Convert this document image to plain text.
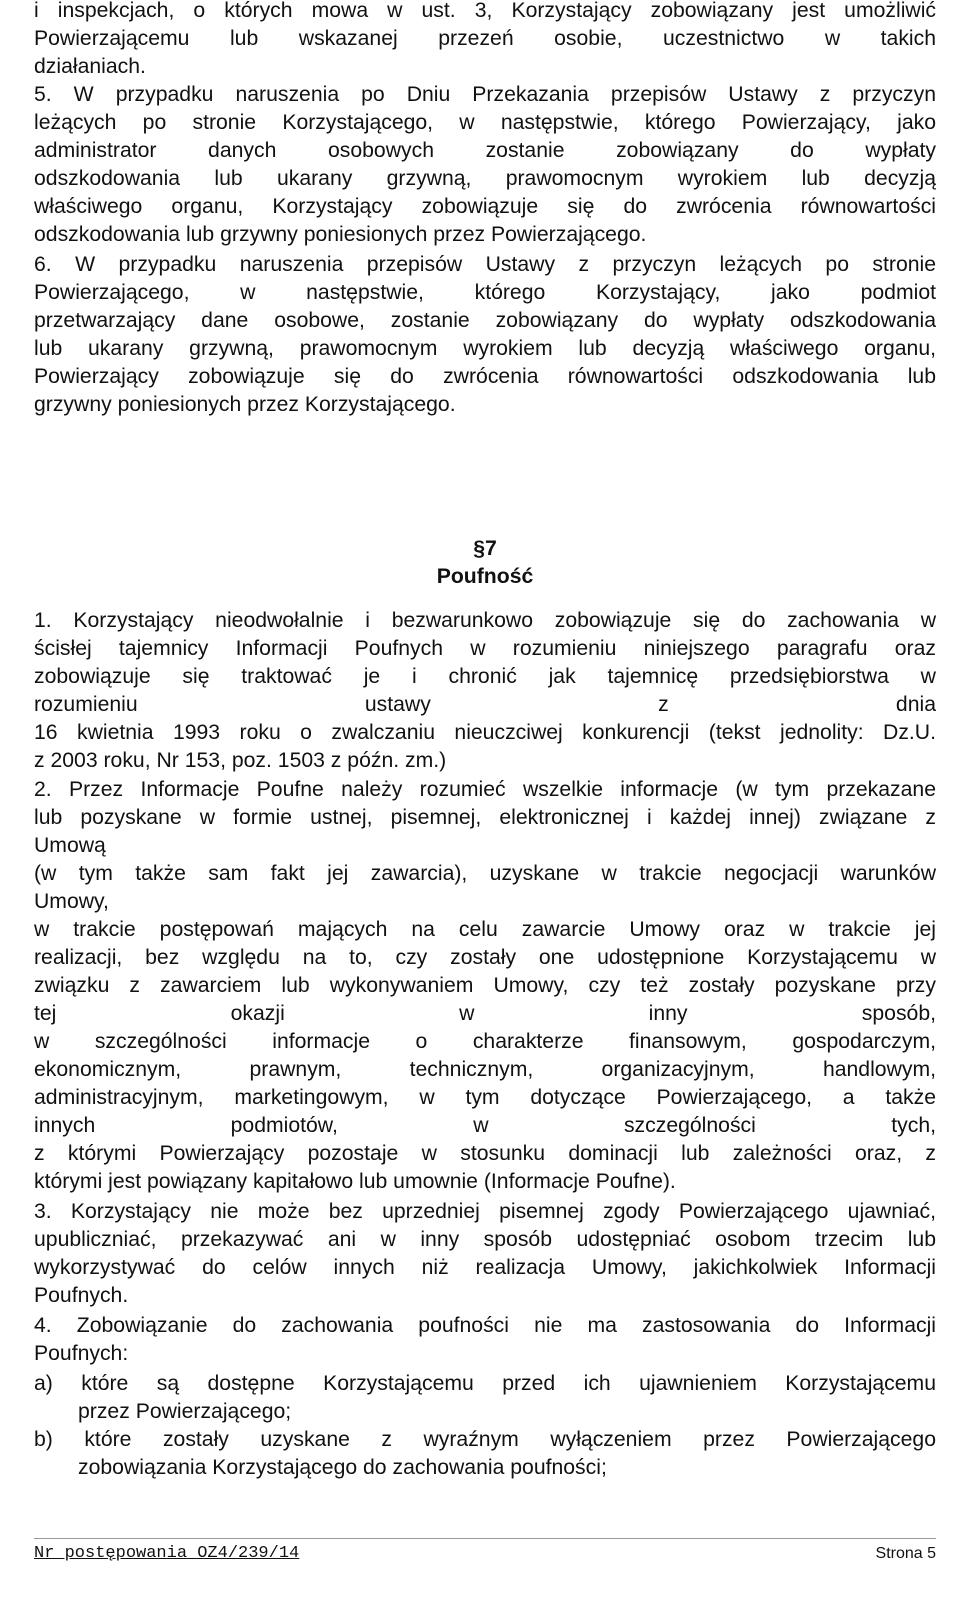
i inspekcjach, o których mowa w ust. 3, Korzystający zobowiązany jest umożliwić
Powierzającemu lub wskazanej przezeń osobie, uczestnictwo w takich
działaniach.
5. W przypadku naruszenia po Dniu Przekazania przepisów Ustawy z przyczyn
leżących po stronie Korzystającego, w następstwie, którego Powierzający, jako
administrator danych osobowych zostanie zobowiązany do wypłaty
odszkodowania lub ukarany grzywną, prawomocnym wyrokiem lub decyzją
właściwego organu, Korzystający zobowiązuje się do zwrócenia równowartości
odszkodowania lub grzywny poniesionych przez Powierzającego.
6. W przypadku naruszenia przepisów Ustawy z przyczyn leżących po stronie
Powierzającego, w następstwie, którego Korzystający, jako podmiot
przetwarzający dane osobowe, zostanie zobowiązany do wypłaty odszkodowania
lub ukarany grzywną, prawomocnym wyrokiem lub decyzją właściwego organu,
Powierzający zobowiązuje się do zwrócenia równowartości odszkodowania lub
grzywny poniesionych przez Korzystającego.
§7
Poufność
1. Korzystający nieodwołalnie i bezwarunkowo zobowiązuje się do zachowania w
ścisłej tajemnicy Informacji Poufnych w rozumieniu niniejszego paragrafu oraz
zobowiązuje się traktować je i chronić jak tajemnicę przedsiębiorstwa w
rozumieniu ustawy z dnia
16 kwietnia 1993 roku o zwalczaniu nieuczciwej konkurencji (tekst jednolity: Dz.U.
z 2003 roku, Nr 153, poz. 1503 z późn. zm.)
2. Przez Informacje Poufne należy rozumieć wszelkie informacje (w tym przekazane
lub pozyskane w formie ustnej, pisemnej, elektronicznej i każdej innej) związane z
Umową
(w tym także sam fakt jej zawarcia), uzyskane w trakcie negocjacji warunków
Umowy,
w trakcie postępowań mających na celu zawarcie Umowy oraz w trakcie jej
realizacji, bez względu na to, czy zostały one udostępnione Korzystającemu w
związku z zawarciem lub wykonywaniem Umowy, czy też zostały pozyskane przy
tej okazji w inny sposób,
w szczególności informacje o charakterze finansowym, gospodarczym,
ekonomicznym, prawnym, technicznym, organizacyjnym, handlowym,
administracyjnym, marketingowym, w tym dotyczące Powierzającego, a także
innych podmiotów, w szczególności tych,
z którymi Powierzający pozostaje w stosunku dominacji lub zależności oraz, z
którymi jest powiązany kapitałowo lub umownie (Informacje Poufne).
3. Korzystający nie może bez uprzedniej pisemnej zgody Powierzającego ujawniać,
upubliczniać, przekazywać ani w inny sposób udostępniać osobom trzecim lub
wykorzystywać do celów innych niż realizacja Umowy, jakichkolwiek Informacji
Poufnych.
4. Zobowiązanie do zachowania poufności nie ma zastosowania do Informacji
Poufnych:
a) które są dostępne Korzystającemu przed ich ujawnieniem Korzystającemu
przez Powierzającego;
b) które zostały uzyskane z wyraźnym wyłączeniem przez Powierzającego
zobowiązania Korzystającego do zachowania poufności;
Nr postępowania OZ4/239/14	Strona 5
